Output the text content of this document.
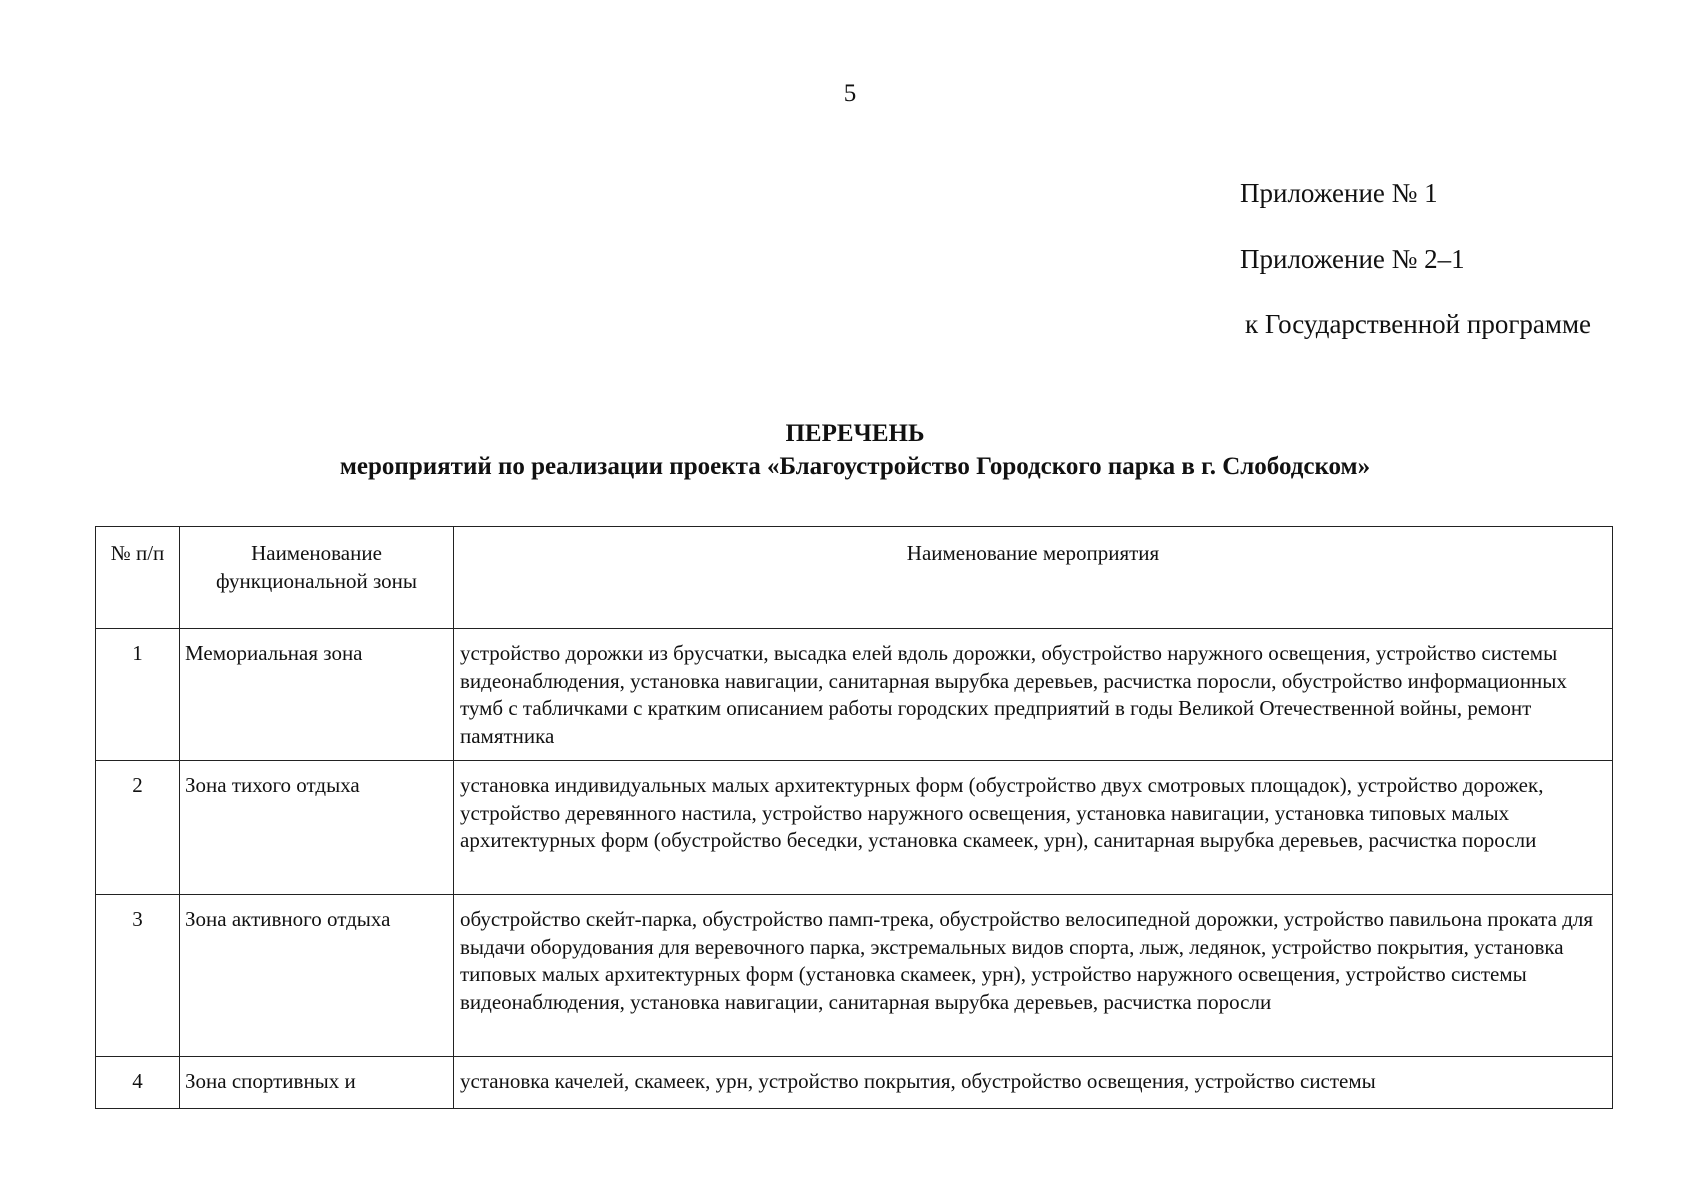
5
Приложение № 1
Приложение № 2–1
к Государственной программе
ПЕРЕЧЕНЬ
мероприятий по реализации проекта «Благоустройство Городского парка в г. Слободском»
№ п/п	Наименование функциональной зоны	Наименование мероприятия
1	Мемориальная зона	устройство дорожки из брусчатки, высадка елей вдоль дорожки, обустройство наружного освещения, устройство системы видеонаблюдения, установка навигации, санитарная вырубка деревьев, расчистка поросли, обустройство информационных тумб с табличками с кратким описанием работы городских предприятий в годы Великой Отечественной войны, ремонт памятника
2	Зона тихого отдыха	установка индивидуальных малых архитектурных форм (обустройство двух смотровых площадок), устройство дорожек, устройство деревянного настила, устройство наружного освещения, установка навигации, установка типовых малых архитектурных форм (обустройство беседки, установка скамеек, урн), санитарная вырубка деревьев, расчистка поросли
3	Зона активного отдыха	обустройство скейт-парка, обустройство памп-трека, обустройство велосипедной дорожки, устройство павильона проката для выдачи оборудования для веревочного парка, экстремальных видов спорта, лыж, ледянок, устройство покрытия, установка типовых малых архитектурных форм (установка скамеек, урн), устройство наружного освещения, устройство системы видеонаблюдения, установка навигации, санитарная вырубка деревьев, расчистка поросли
4	Зона спортивных и	установка качелей, скамеек, урн, устройство покрытия, обустройство освещения, устройство системы
